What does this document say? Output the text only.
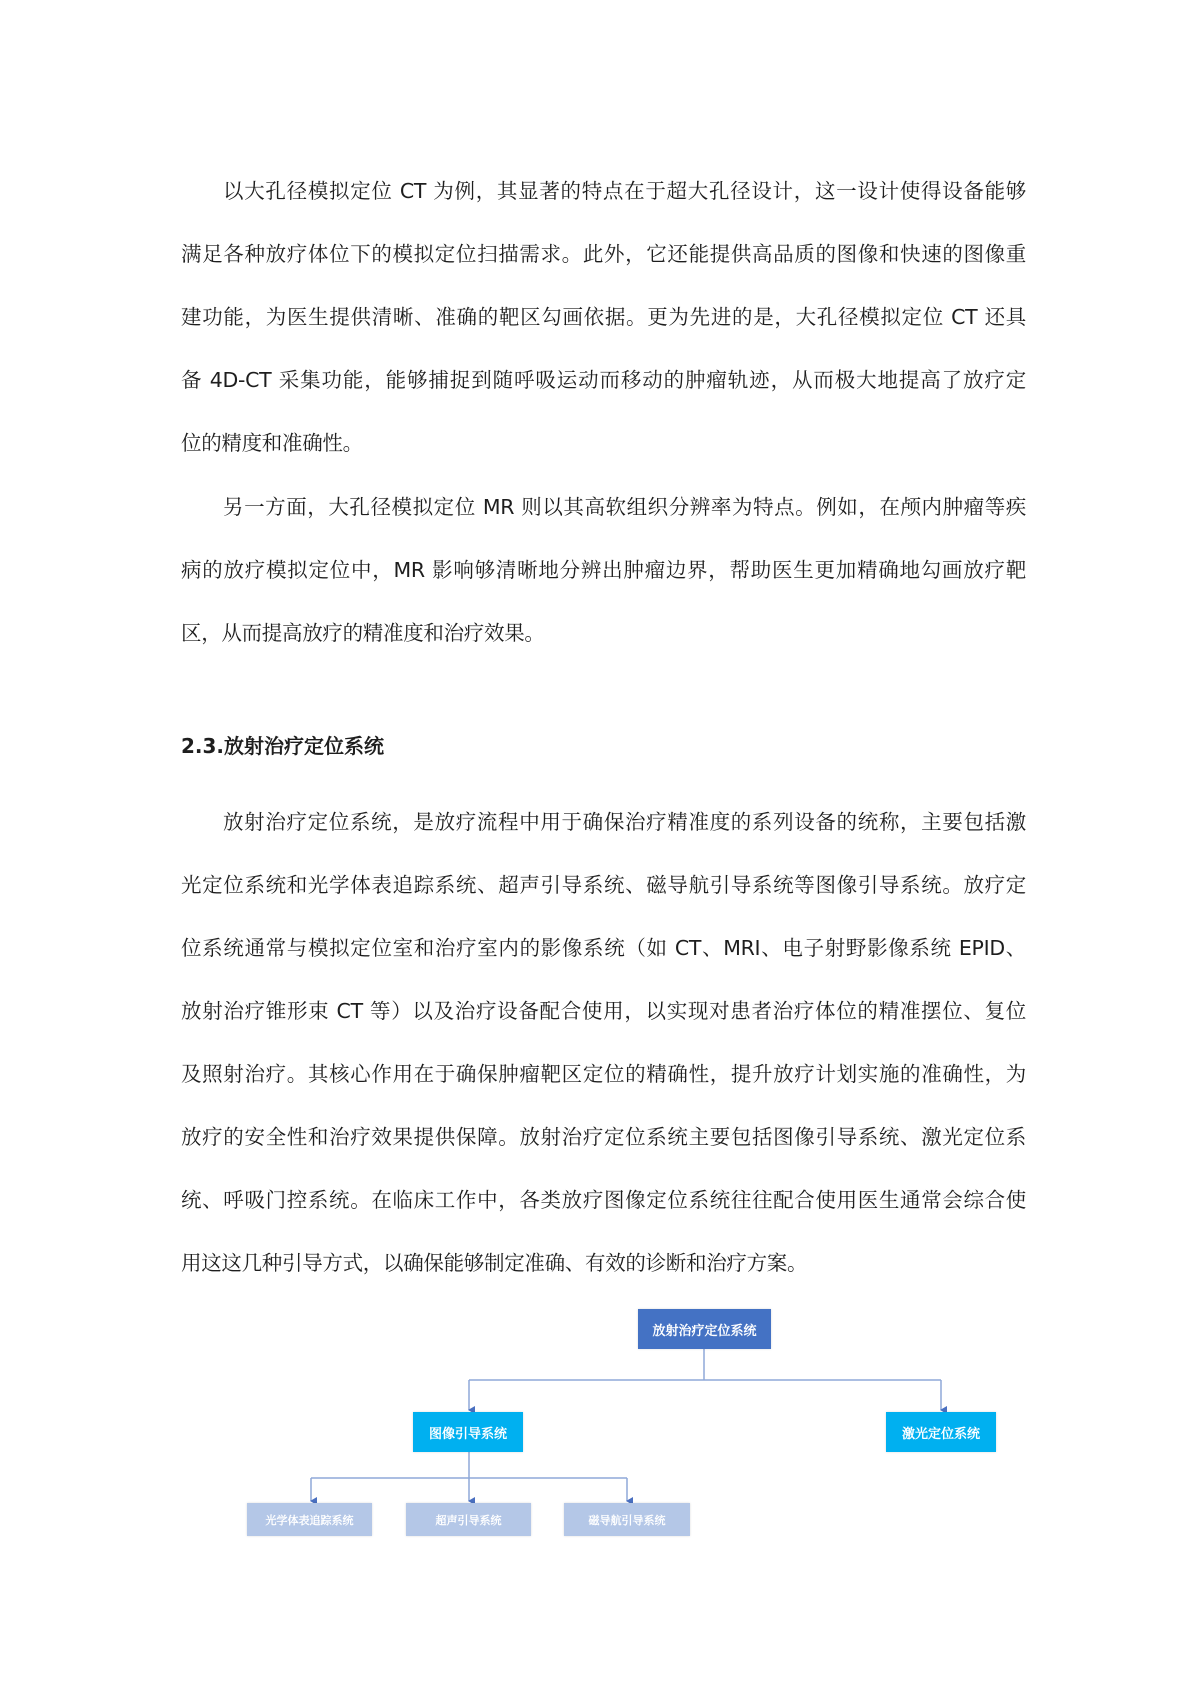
以大孔径模拟定位 CT 为例，其显著的特点在于超大孔径设计，这一设计使得设备能够
满足各种放疗体位下的模拟定位扫描需求。此外，它还能提供高品质的图像和快速的图像重
建功能，为医生提供清晰、准确的靶区勾画依据。更为先进的是，大孔径模拟定位 CT 还具
备 4D-CT 采集功能，能够捕捉到随呼吸运动而移动的肿瘤轨迹，从而极大地提高了放疗定
位的精度和准确性。
另一方面，大孔径模拟定位 MR 则以其高软组织分辨率为特点。例如，在颅内肿瘤等疾
病的放疗模拟定位中，MR 影响够清晰地分辨出肿瘤边界，帮助医生更加精确地勾画放疗靶
区，从而提高放疗的精准度和治疗效果。
2.3.放射治疗定位系统
放射治疗定位系统，是放疗流程中用于确保治疗精准度的系列设备的统称，主要包括激
光定位系统和光学体表追踪系统、超声引导系统、磁导航引导系统等图像引导系统。放疗定
位系统通常与模拟定位室和治疗室内的影像系统（如 CT、MRI、电子射野影像系统 EPID、
放射治疗锥形束 CT 等）以及治疗设备配合使用，以实现对患者治疗体位的精准摆位、复位
及照射治疗。其核心作用在于确保肿瘤靶区定位的精确性，提升放疗计划实施的准确性，为
放疗的安全性和治疗效果提供保障。放射治疗定位系统主要包括图像引导系统、激光定位系
统、呼吸门控系统。在临床工作中，各类放疗图像定位系统往往配合使用医生通常会综合使
用这这几种引导方式，以确保能够制定准确、有效的诊断和治疗方案。
放射治疗定位系统
图像引导系统	激光定位系统
光学体表追踪系统	超声引导系统	磁导航引导系统
